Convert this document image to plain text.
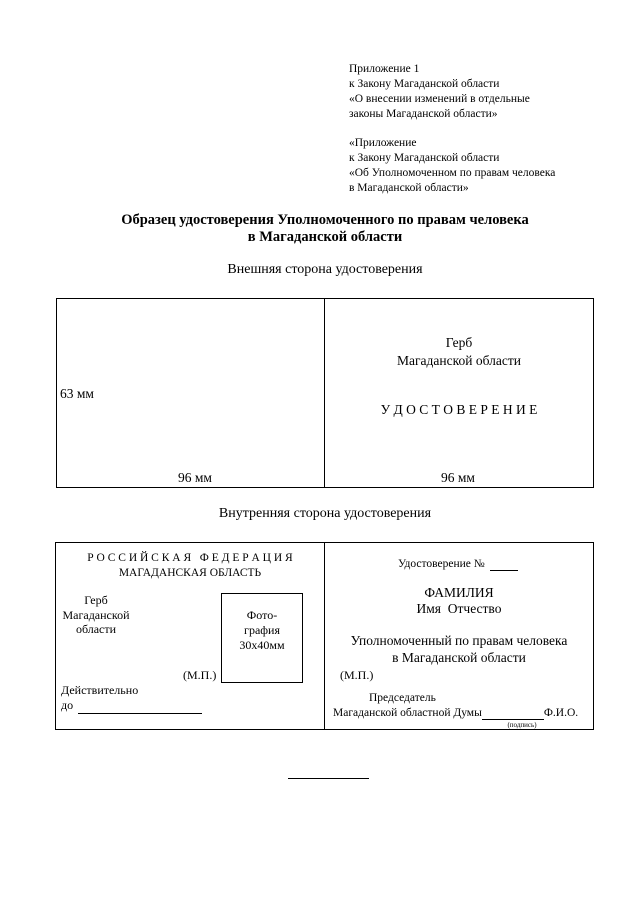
Приложение 1
к Закону Магаданской области
«О внесении изменений в отдельные
законы Магаданской области»
«Приложение
к Закону Магаданской области
«Об Уполномоченном по правам человека
в Магаданской области»
Образец удостоверения Уполномоченного по правам человека
в Магаданской области
Внешняя сторона удостоверения
63 мм
96 мм	96 мм
Герб
Магаданской области
У Д О С Т О В Е Р Е Н И Е
Внутренняя сторона удостоверения
Р О С С И Й С К А Я   Ф Е Д Е Р А Ц И Я
МАГАДАНСКАЯ ОБЛАСТЬ
Герб
Магаданской
области
Фото-
графия
30х40мм
(М.П.)
Действительно
до
Удостоверение №
ФАМИЛИЯ
Имя  Отчество
Уполномоченный по правам человека
в Магаданской области
(М.П.)
Председатель
Магаданской областной Думы	Ф.И.О.
(подпись)
